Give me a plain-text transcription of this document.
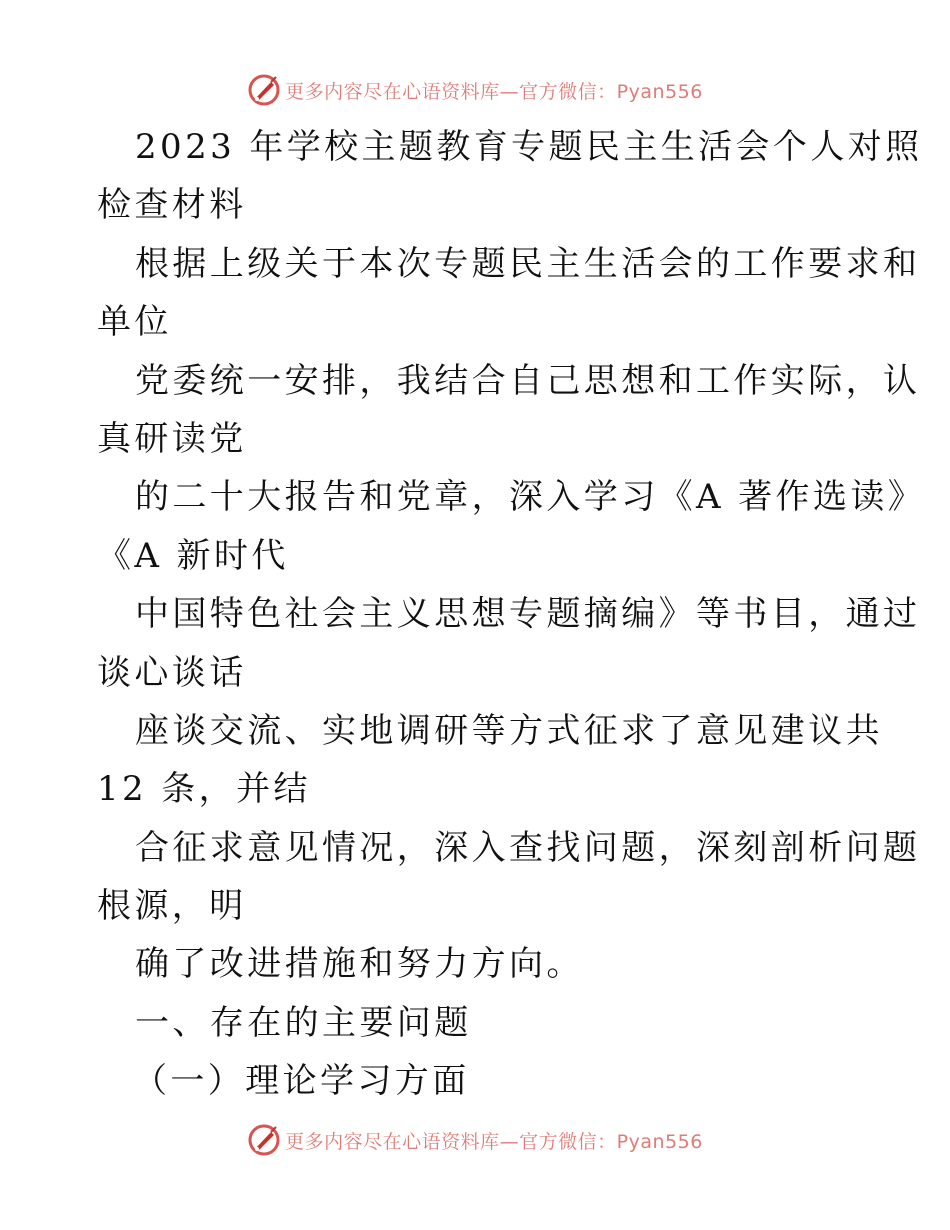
更多内容尽在心语资料库—官方微信：Pyan556
2023 年学校主题教育专题民主生活会个人对照
检查材料
根据上级关于本次专题民主生活会的工作要求和
单位
党委统一安排，我结合自己思想和工作实际，认
真研读党
的二十大报告和党章，深入学习《A 著作选读》
《A 新时代
中国特色社会主义思想专题摘编》等书目，通过
谈心谈话
座谈交流、实地调研等方式征求了意见建议共
12 条，并结
合征求意见情况，深入查找问题，深刻剖析问题
根源，明
确了改进措施和努力方向。
一、存在的主要问题
（一）理论学习方面
更多内容尽在心语资料库—官方微信：Pyan556
